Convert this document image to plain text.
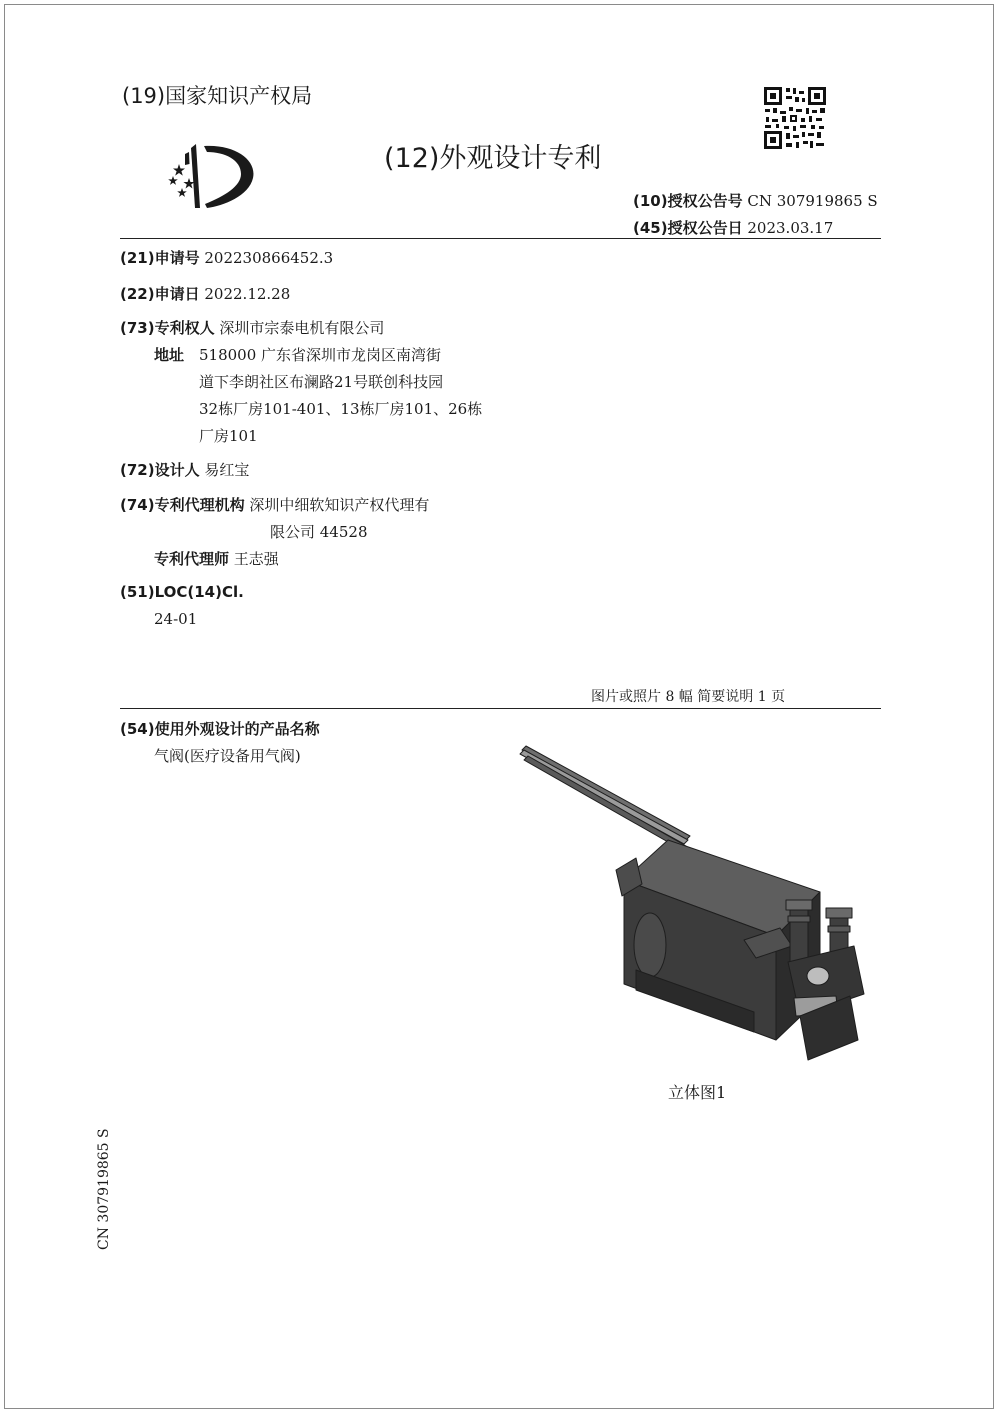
(19)国家知识产权局
(12)外观设计专利
(10)授权公告号 CN 307919865 S
(45)授权公告日 2023.03.17
(21)申请号 202230866452.3
(22)申请日 2022.12.28
(73)专利权人 深圳市宗泰电机有限公司
地址 518000 广东省深圳市龙岗区南湾街
道下李朗社区布澜路21号联创科技园
32栋厂房101-401、13栋厂房101、26栋
厂房101
(72)设计人 易红宝
(74)专利代理机构 深圳中细软知识产权代理有
限公司 44528
专利代理师 王志强
(51)LOC(14)Cl.
24-01
图片或照片 8 幅 简要说明 1 页
(54)使用外观设计的产品名称
气阀(医疗设备用气阀)
立体图1
CN 307919865 S
